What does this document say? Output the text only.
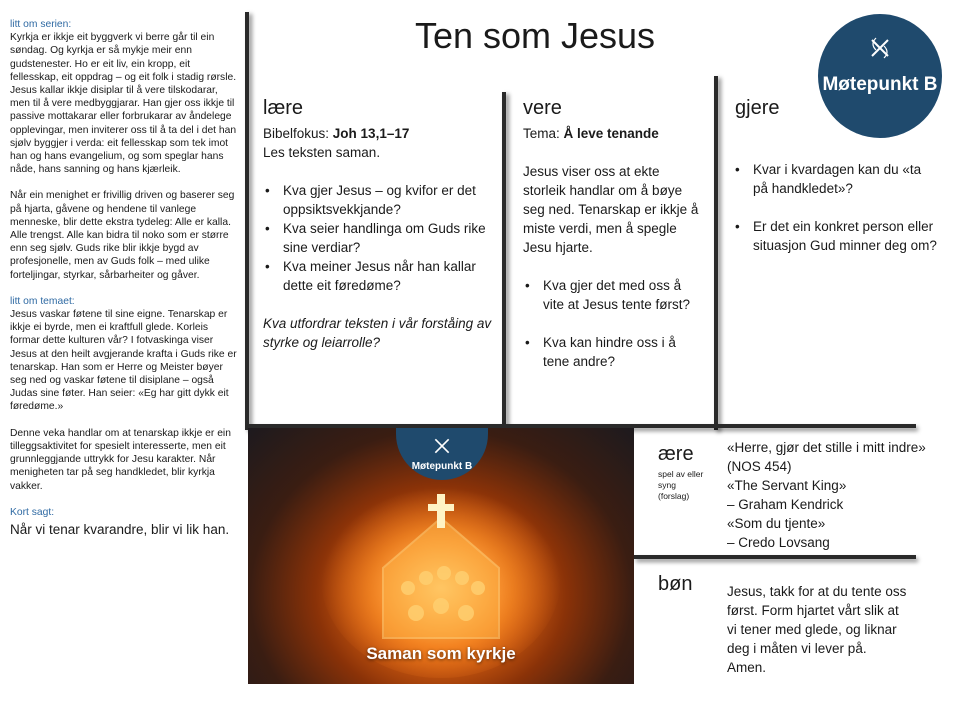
litt om serien:

Kyrkja er ikkje eit byggverk vi berre går til ein søndag. Og kyrkja er så mykje meir enn gudstenester. Ho er eit liv, ein kropp, eit fellesskap, eit oppdrag – og eit folk i stadig rørsle. Jesus kallar ikkje disiplar til å vere tilskodarar, men til å vere medbyggjarar. Han gjer oss ikkje til passive mottakarar eller forbrukarar av åndelege opplevingar, men inviterer oss til å ta del i det han sjølv byggjer i verda: eit fellesskap som tek imot han og hans evangelium, og som speglar hans nåde, hans sanning og hans kjærleik.

Når ein menighet er frivillig driven og baserer seg på hjarta, gåvene og hendene til vanlege menneske, blir dette ekstra tydeleg: Alle er kalla. Alle trengst. Alle kan bidra til noko som er større enn seg sjølv. Guds rike blir ikkje bygd av profesjonelle, men av Guds folk – med ulike forteljingar, styrkar, sårbarheiter og gåver.

litt om temaet:

Jesus vaskar føtene til sine eigne. Tenarskap er ikkje ei byrde, men ei kraftfull glede. Korleis formar dette kulturen vår? I fotvaskinga viser Jesus at den heilt avgjerande krafta i Guds rike er tenarskap. Han som er Herre og Meister bøyer seg ned og vaskar føtene til disiplane – også Judas sine føter. Han seier: «Eg har gitt dykk eit føredøme.»

Denne veka handlar om at tenarskap ikkje er ein tilleggsaktivitet for spesielt interesserte, men eit grunnleggjande uttrykk for Jesu karakter. Når menigheten tar på seg handkledet, blir kyrkja vakker.

Kort sagt:

Når vi tenar kvarandre, blir vi lik han.

Ten som Jesus
Møtepunkt B
lære
Bibelfokus: Joh 13,1–17
Les teksten saman.
• Kva gjer Jesus – og kvifor er det oppsiktsvekkjande?
• Kva seier handlinga om Guds rike sine verdiar?
• Kva meiner Jesus når han kallar dette eit føredøme?
Kva utfordrar teksten i vår forståing av styrke og leiarrolle?
vere
Tema: Å leve tenande
Jesus viser oss at ekte storleik handlar om å bøye seg ned. Tenarskap er ikkje å miste verdi, men å spegle Jesu hjarte.
• Kva gjer det med oss å vite at Jesus tente først?
• Kva kan hindre oss i å tene andre?
gjere
• Kvar i kvardagen kan du «ta på handkledet»?
• Er det ein konkret person eller situasjon Gud minner deg om?
Møtepunkt B
Saman som kyrkje
ære
spel av eller syng (forslag)
«Herre, gjør det stille i mitt indre» (NOS 454)
«The Servant King»
– Graham Kendrick
«Som du tjente»
– Credo Lovsang
bøn	Jesus, takk for at du tente oss først. Form hjartet vårt slik at vi tener med glede, og liknar deg i måten vi lever på.
Amen.
